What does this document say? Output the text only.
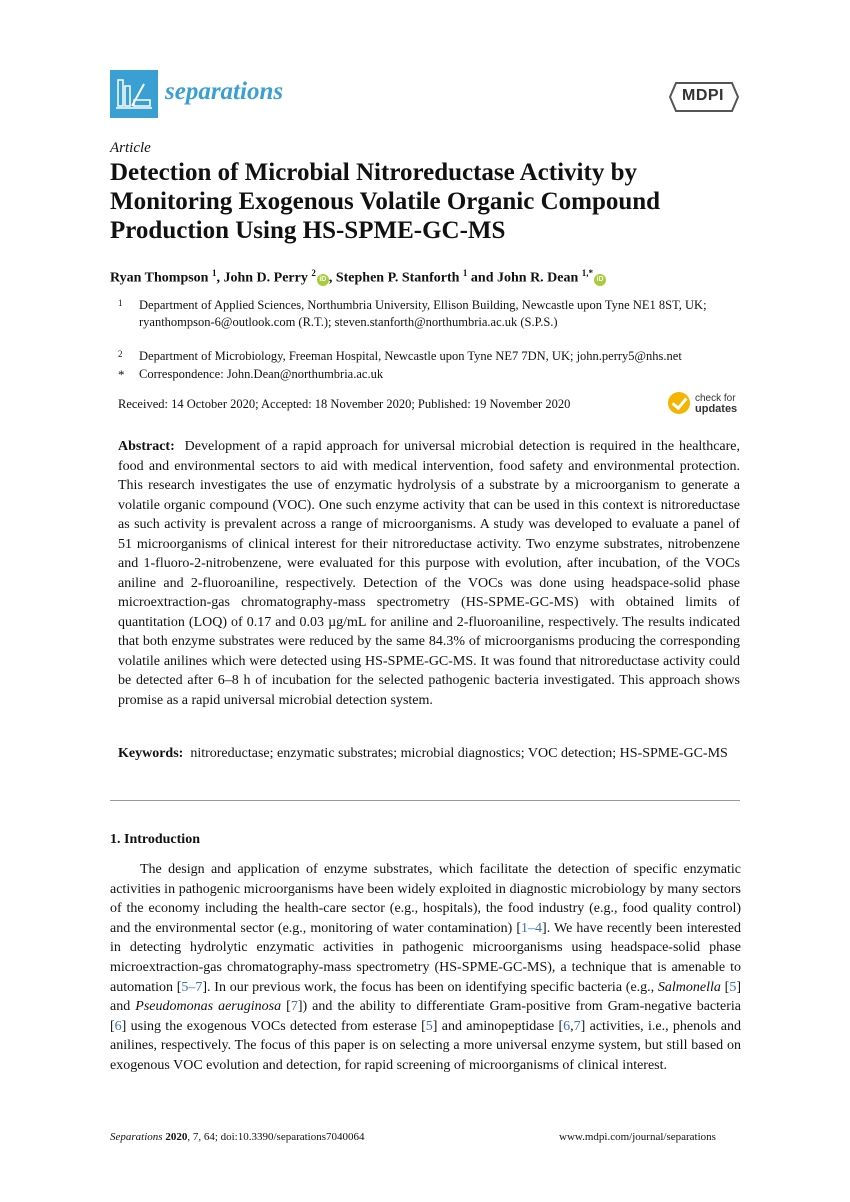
separations	MDPI
Article
Detection of Microbial Nitroreductase Activity by Monitoring Exogenous Volatile Organic Compound Production Using HS-SPME-GC-MS
Ryan Thompson $^1$, John D. Perry $^2$iD , Stephen P. Stanforth $^1$ and John R. Dean $^{1,*}$iD
1 Department of Applied Sciences, Northumbria University, Ellison Building, Newcastle upon Tyne NE1 8ST, UK; ryanthompson-6@outlook.com (R.T.); steven.stanforth@northumbria.ac.uk (S.P.S.)
2 Department of Microbiology, Freeman Hospital, Newcastle upon Tyne NE7 7DN, UK; john.perry5@nhs.net
* Correspondence: John.Dean@northumbria.ac.uk
Received: 14 October 2020; Accepted: 18 November 2020; Published: 19 November 2020	check for
updates
Abstract: Development of a rapid approach for universal microbial detection is required in the healthcare, food and environmental sectors to aid with medical intervention, food safety and environmental protection. This research investigates the use of enzymatic hydrolysis of a substrate by a microorganism to generate a volatile organic compound (VOC). One such enzyme activity that can be used in this context is nitroreductase as such activity is prevalent across a range of microorganisms. A study was developed to evaluate a panel of 51 microorganisms of clinical interest for their nitroreductase activity. Two enzyme substrates, nitrobenzene and 1-fluoro-2-nitrobenzene, were evaluated for this purpose with evolution, after incubation, of the VOCs aniline and 2-fluoroaniline, respectively. Detection of the VOCs was done using headspace-solid phase microextraction-gas chromatography-mass spectrometry (HS-SPME-GC-MS) with obtained limits of quantitation (LOQ) of 0.17 and 0.03 µg/mL for aniline and 2-fluoroaniline, respectively. The results indicated that both enzyme substrates were reduced by the same 84.3% of microorganisms producing the corresponding volatile anilines which were detected using HS-SPME-GC-MS. It was found that nitroreductase activity could be detected after 6–8 h of incubation for the selected pathogenic bacteria investigated. This approach shows promise as a rapid universal microbial detection system.
Keywords: nitroreductase; enzymatic substrates; microbial diagnostics; VOC detection; HS-SPME-GC-MS
1. Introduction
The design and application of enzyme substrates, which facilitate the detection of specific enzymatic activities in pathogenic microorganisms have been widely exploited in diagnostic microbiology by many sectors of the economy including the health-care sector (e.g., hospitals), the food industry (e.g., food quality control) and the environmental sector (e.g., monitoring of water contamination) [1–4]. We have recently been interested in detecting hydrolytic enzymatic activities in pathogenic microorganisms using headspace-solid phase microextraction-gas chromatography-mass spectrometry (HS-SPME-GC-MS), a technique that is amenable to automation [5–7]. In our previous work, the focus has been on identifying specific bacteria (e.g., Salmonella [5] and Pseudomonas aeruginosa [7]) and the ability to differentiate Gram-positive from Gram-negative bacteria [6] using the exogenous VOCs detected from esterase [5] and aminopeptidase [6,7] activities, i.e., phenols and anilines, respectively. The focus of this paper is on selecting a more universal enzyme system, but still based on exogenous VOC evolution and detection, for rapid screening of microorganisms of clinical interest.
Separations 2020, 7, 64; doi:10.3390/separations7040064	www.mdpi.com/journal/separations
